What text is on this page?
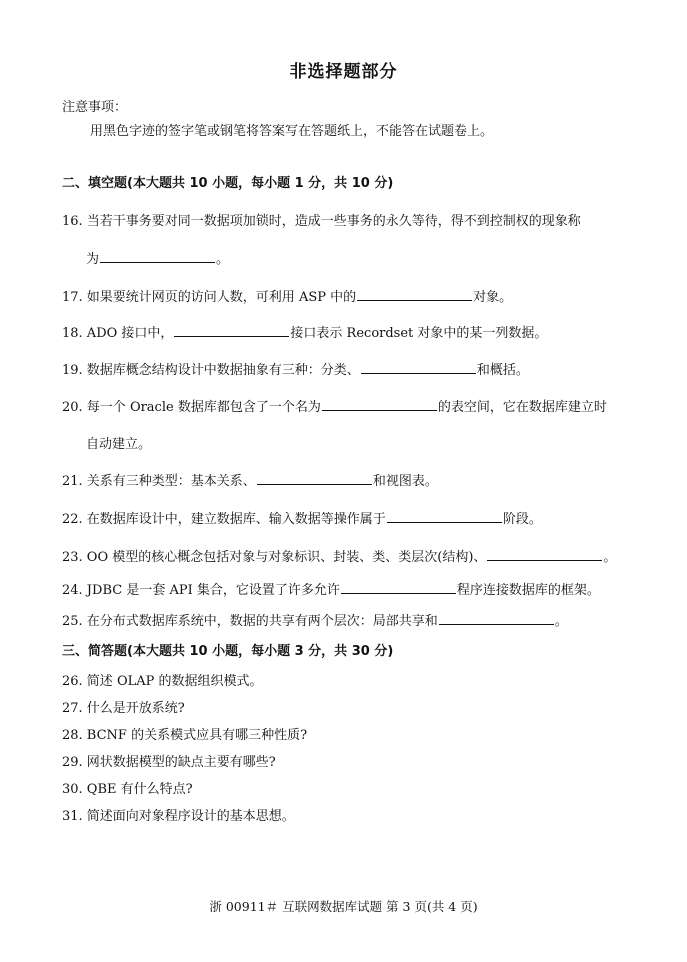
非选择题部分
注意事项：
用黑色字迹的签字笔或钢笔将答案写在答题纸上，不能答在试题卷上。
二、填空题(本大题共 10 小题，每小题 1 分，共 10 分)
16. 当若干事务要对同一数据项加锁时，造成一些事务的永久等待，得不到控制权的现象称
为	。
17. 如果要统计网页的访问人数，可利用 ASP 中的	对象。
18. ADO 接口中，	接口表示 Recordset 对象中的某一列数据。
19. 数据库概念结构设计中数据抽象有三种：分类、	和概括。
20. 每一个 Oracle 数据库都包含了一个名为	的表空间，它在数据库建立时
自动建立。
21. 关系有三种类型：基本关系、	和视图表。
22. 在数据库设计中，建立数据库、输入数据等操作属于	阶段。
23. OO 模型的核心概念包括对象与对象标识、封装、类、类层次(结构)、	。
24. JDBC 是一套 API 集合，它设置了许多允许	程序连接数据库的框架。
25. 在分布式数据库系统中，数据的共享有两个层次：局部共享和	。
三、简答题(本大题共 10 小题，每小题 3 分，共 30 分)
26. 简述 OLAP 的数据组织模式。
27. 什么是开放系统?
28. BCNF 的关系模式应具有哪三种性质?
29. 网状数据模型的缺点主要有哪些?
30. QBE 有什么特点?
31. 简述面向对象程序设计的基本思想。
浙 00911＃ 互联网数据库试题 第 3 页(共 4 页)
